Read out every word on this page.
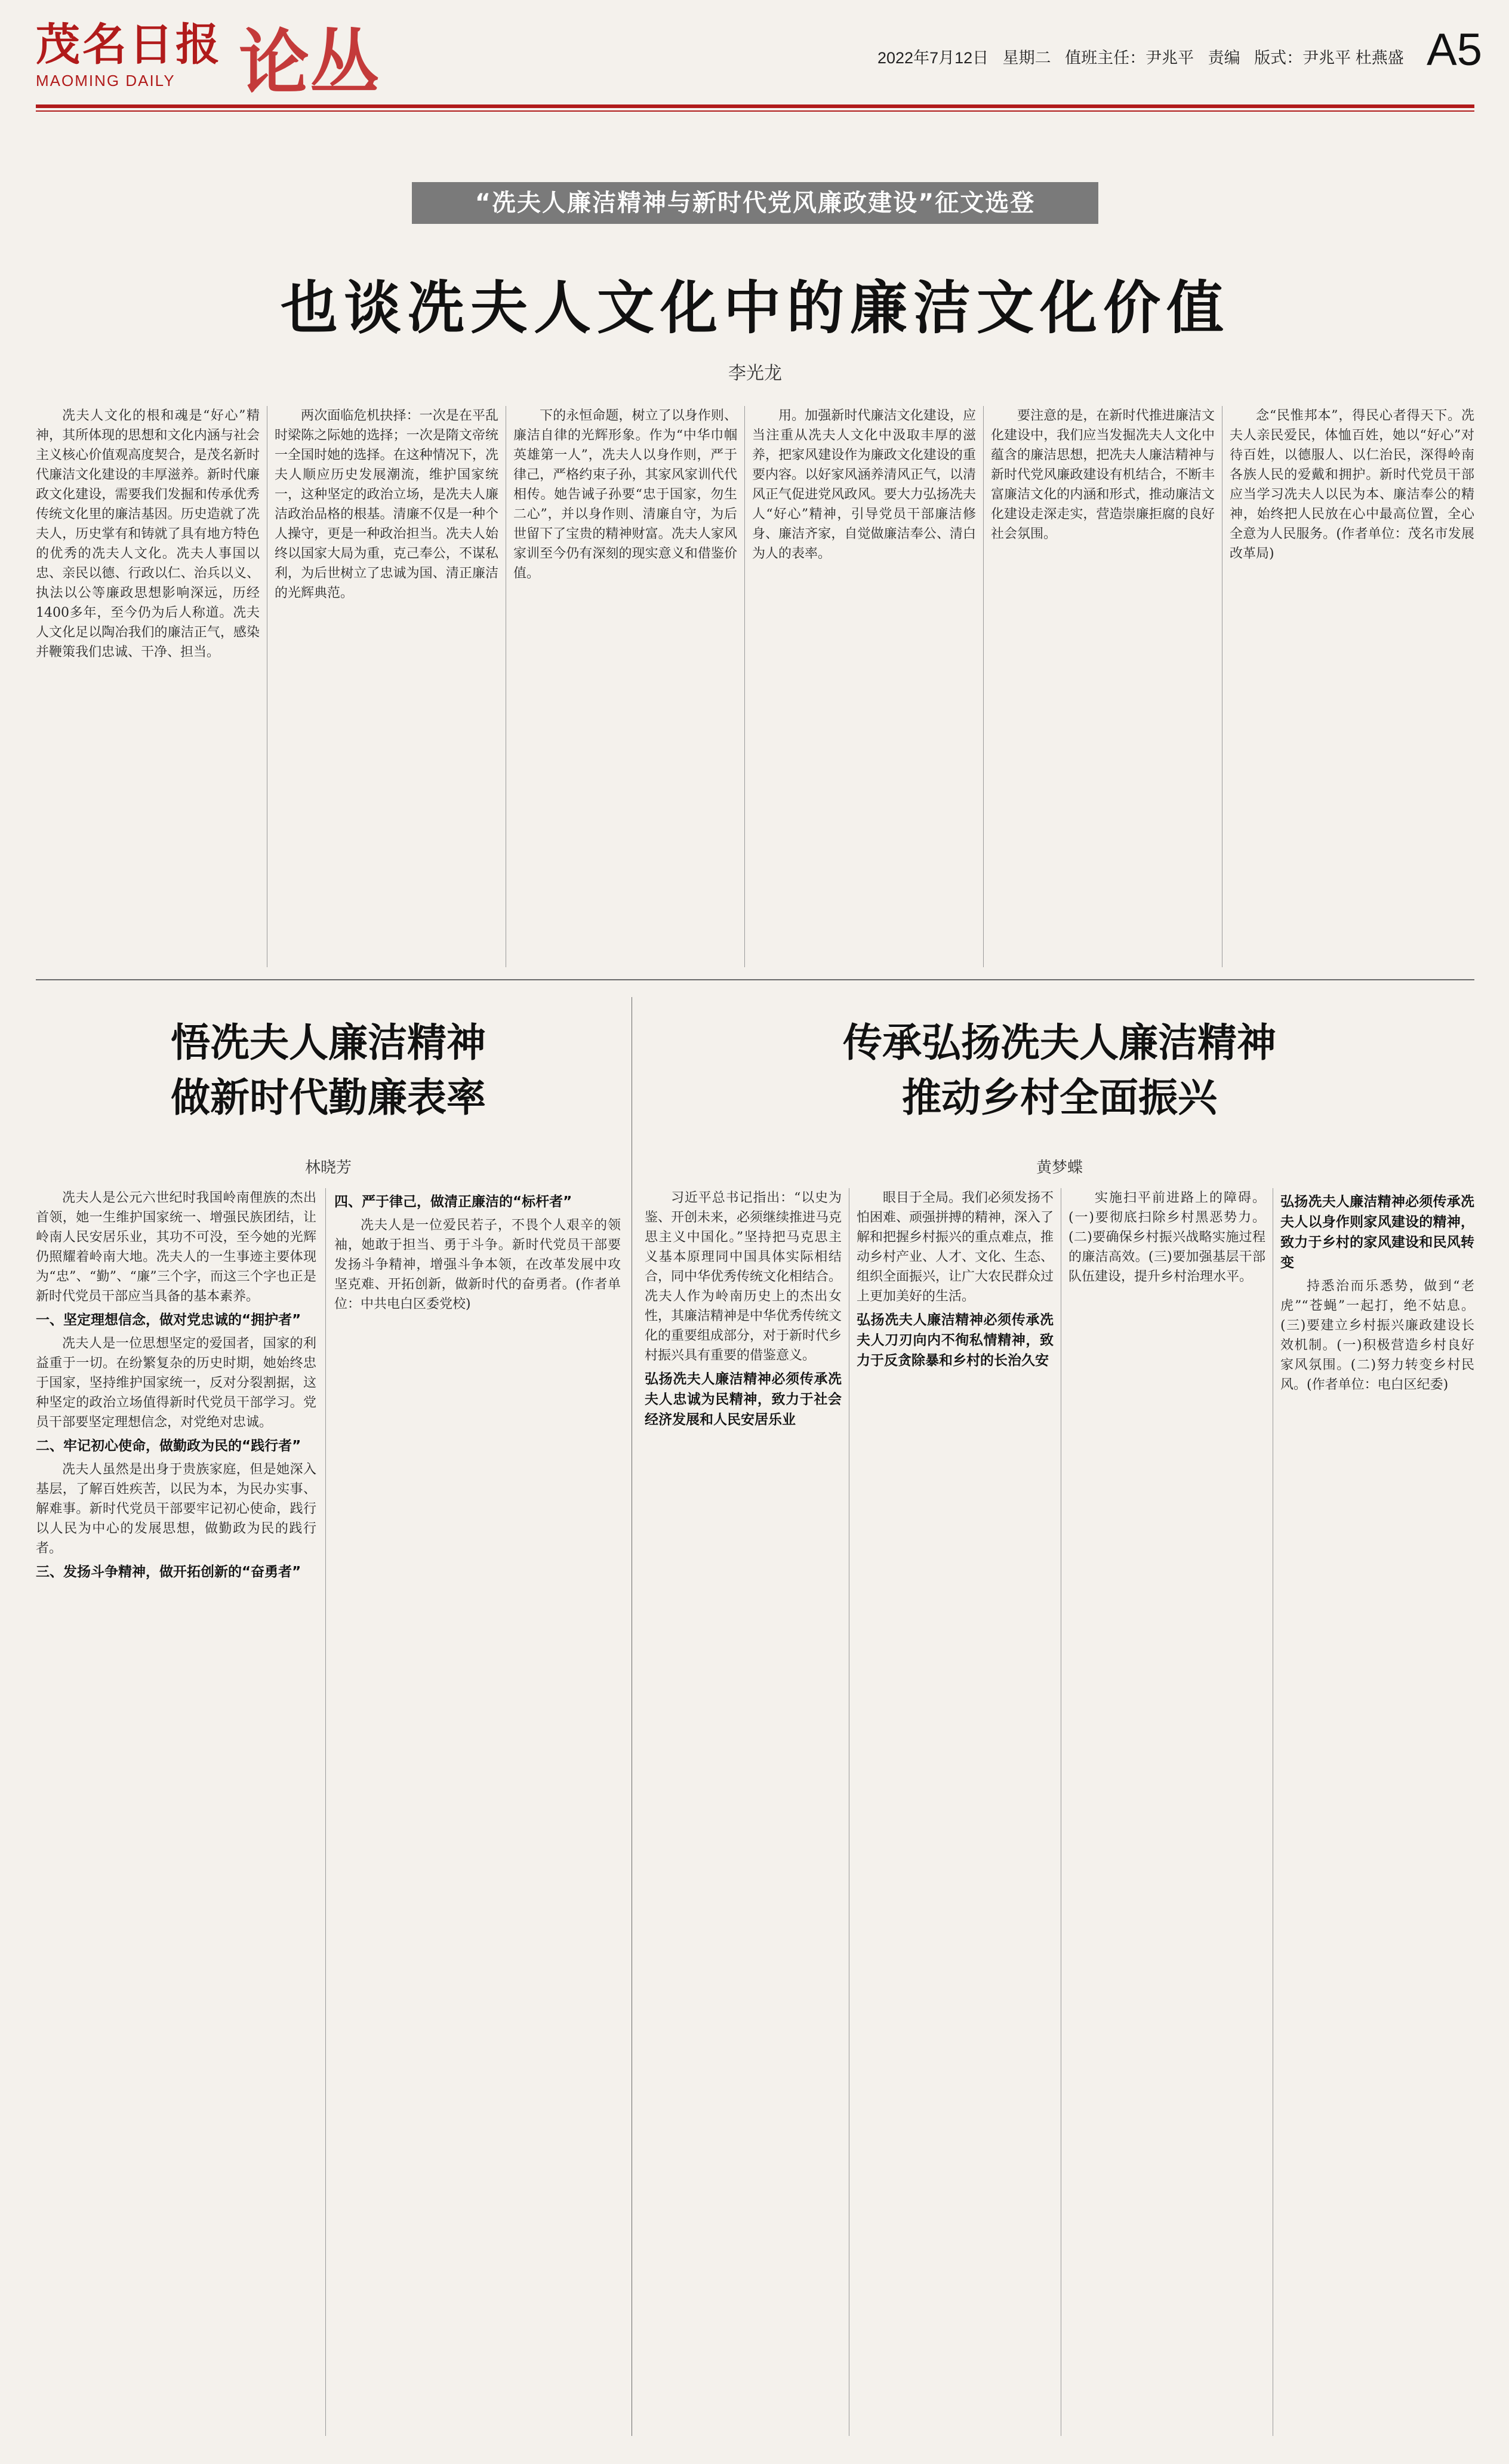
茂名日报
MAOMING DAILY 论丛	2022年7月12日 星期二 值班主任：尹兆平 责编 版式：尹兆平 杜燕盛 A5
“冼夫人廉洁精神与新时代党风廉政建设”征文选登
也谈冼夫人文化中的廉洁文化价值
李光龙

冼夫人文化的根和魂是“好心”精神，其所体现的思想和文化内涵与社会主义核心价值观高度契合，是茂名新时代廉洁文化建设的丰厚滋养。新时代廉政文化建设，需要我们发掘和传承优秀传统文化里的廉洁基因。历史造就了冼夫人，历史掌有和铸就了具有地方特色的优秀的冼夫人文化。冼夫人事国以忠、亲民以德、行政以仁、治兵以义、执法以公等廉政思想影响深远，历经1400多年，至今仍为后人称道。冼夫人文化足以陶冶我们的廉洁正气，感染并鞭策我们忠诚、干净、担当。

两次面临危机抉择：一次是在平乱时梁陈之际她的选择；一次是隋文帝统一全国时她的选择。在这种情况下，冼夫人顺应历史发展潮流，维护国家统一，这种坚定的政治立场，是冼夫人廉洁政治品格的根基。清廉不仅是一种个人操守，更是一种政治担当。冼夫人始终以国家大局为重，克己奉公，不谋私利，为后世树立了忠诚为国、清正廉洁的光辉典范。

下的永恒命题，树立了以身作则、廉洁自律的光辉形象。作为“中华巾帼英雄第一人”，冼夫人以身作则，严于律己，严格约束子孙，其家风家训代代相传。她告诫子孙要“忠于国家，勿生二心”，并以身作则、清廉自守，为后世留下了宝贵的精神财富。冼夫人家风家训至今仍有深刻的现实意义和借鉴价值。

用。加强新时代廉洁文化建设，应当注重从冼夫人文化中汲取丰厚的滋养，把家风建设作为廉政文化建设的重要内容。以好家风涵养清风正气，以清风正气促进党风政风。要大力弘扬冼夫人“好心”精神，引导党员干部廉洁修身、廉洁齐家，自觉做廉洁奉公、清白为人的表率。

要注意的是，在新时代推进廉洁文化建设中，我们应当发掘冼夫人文化中蕴含的廉洁思想，把冼夫人廉洁精神与新时代党风廉政建设有机结合，不断丰富廉洁文化的内涵和形式，推动廉洁文化建设走深走实，营造崇廉拒腐的良好社会氛围。

念“民惟邦本”，得民心者得天下。冼夫人亲民爱民，体恤百姓，她以“好心”对待百姓，以德服人、以仁治民，深得岭南各族人民的爱戴和拥护。新时代党员干部应当学习冼夫人以民为本、廉洁奉公的精神，始终把人民放在心中最高位置，全心全意为人民服务。(作者单位：茂名市发展改革局)

悟冼夫人廉洁精神
做新时代勤廉表率
林晓芳

冼夫人是公元六世纪时我国岭南俚族的杰出首领，她一生维护国家统一、增强民族团结，让岭南人民安居乐业，其功不可没，至今她的光辉仍照耀着岭南大地。冼夫人的一生事迹主要体现为“忠”、“勤”、“廉”三个字，而这三个字也正是新时代党员干部应当具备的基本素养。

一、坚定理想信念，做对党忠诚的“拥护者”

冼夫人是一位思想坚定的爱国者，国家的利益重于一切。在纷繁复杂的历史时期，她始终忠于国家，坚持维护国家统一，反对分裂割据，这种坚定的政治立场值得新时代党员干部学习。党员干部要坚定理想信念，对党绝对忠诚。

二、牢记初心使命，做勤政为民的“践行者”

冼夫人虽然是出身于贵族家庭，但是她深入基层，了解百姓疾苦，以民为本，为民办实事、解难事。新时代党员干部要牢记初心使命，践行以人民为中心的发展思想，做勤政为民的践行者。

三、发扬斗争精神，做开拓创新的“奋勇者”

四、严于律己，做清正廉洁的“标杆者”

冼夫人是一位爱民若子，不畏个人艰辛的领袖，她敢于担当、勇于斗争。新时代党员干部要发扬斗争精神，增强斗争本领，在改革发展中攻坚克难、开拓创新，做新时代的奋勇者。(作者单位：中共电白区委党校)

传承弘扬冼夫人廉洁精神
推动乡村全面振兴
黄梦蝶

习近平总书记指出：“以史为鉴、开创未来，必须继续推进马克思主义中国化。”坚持把马克思主义基本原理同中国具体实际相结合，同中华优秀传统文化相结合。冼夫人作为岭南历史上的杰出女性，其廉洁精神是中华优秀传统文化的重要组成部分，对于新时代乡村振兴具有重要的借鉴意义。

弘扬冼夫人廉洁精神必须传承冼夫人忠诚为民精神，致力于社会经济发展和人民安居乐业

眼目于全局。我们必须发扬不怕困难、顽强拼搏的精神，深入了解和把握乡村振兴的重点难点，推动乡村产业、人才、文化、生态、组织全面振兴，让广大农民群众过上更加美好的生活。

弘扬冼夫人廉洁精神必须传承冼夫人刀刃向内不徇私情精神，致力于反贪除暴和乡村的长治久安

实施扫平前进路上的障碍。(一)要彻底扫除乡村黑恶势力。(二)要确保乡村振兴战略实施过程的廉洁高效。(三)要加强基层干部队伍建设，提升乡村治理水平。

弘扬冼夫人廉洁精神必须传承冼夫人以身作则家风建设的精神，致力于乡村的家风建设和民风转变

持悉治而乐悉势，做到“老虎”“苍蝇”一起打，绝不姑息。(三)要建立乡村振兴廉政建设长效机制。(一)积极营造乡村良好家风氛围。(二)努力转变乡村民风。(作者单位：电白区纪委)
